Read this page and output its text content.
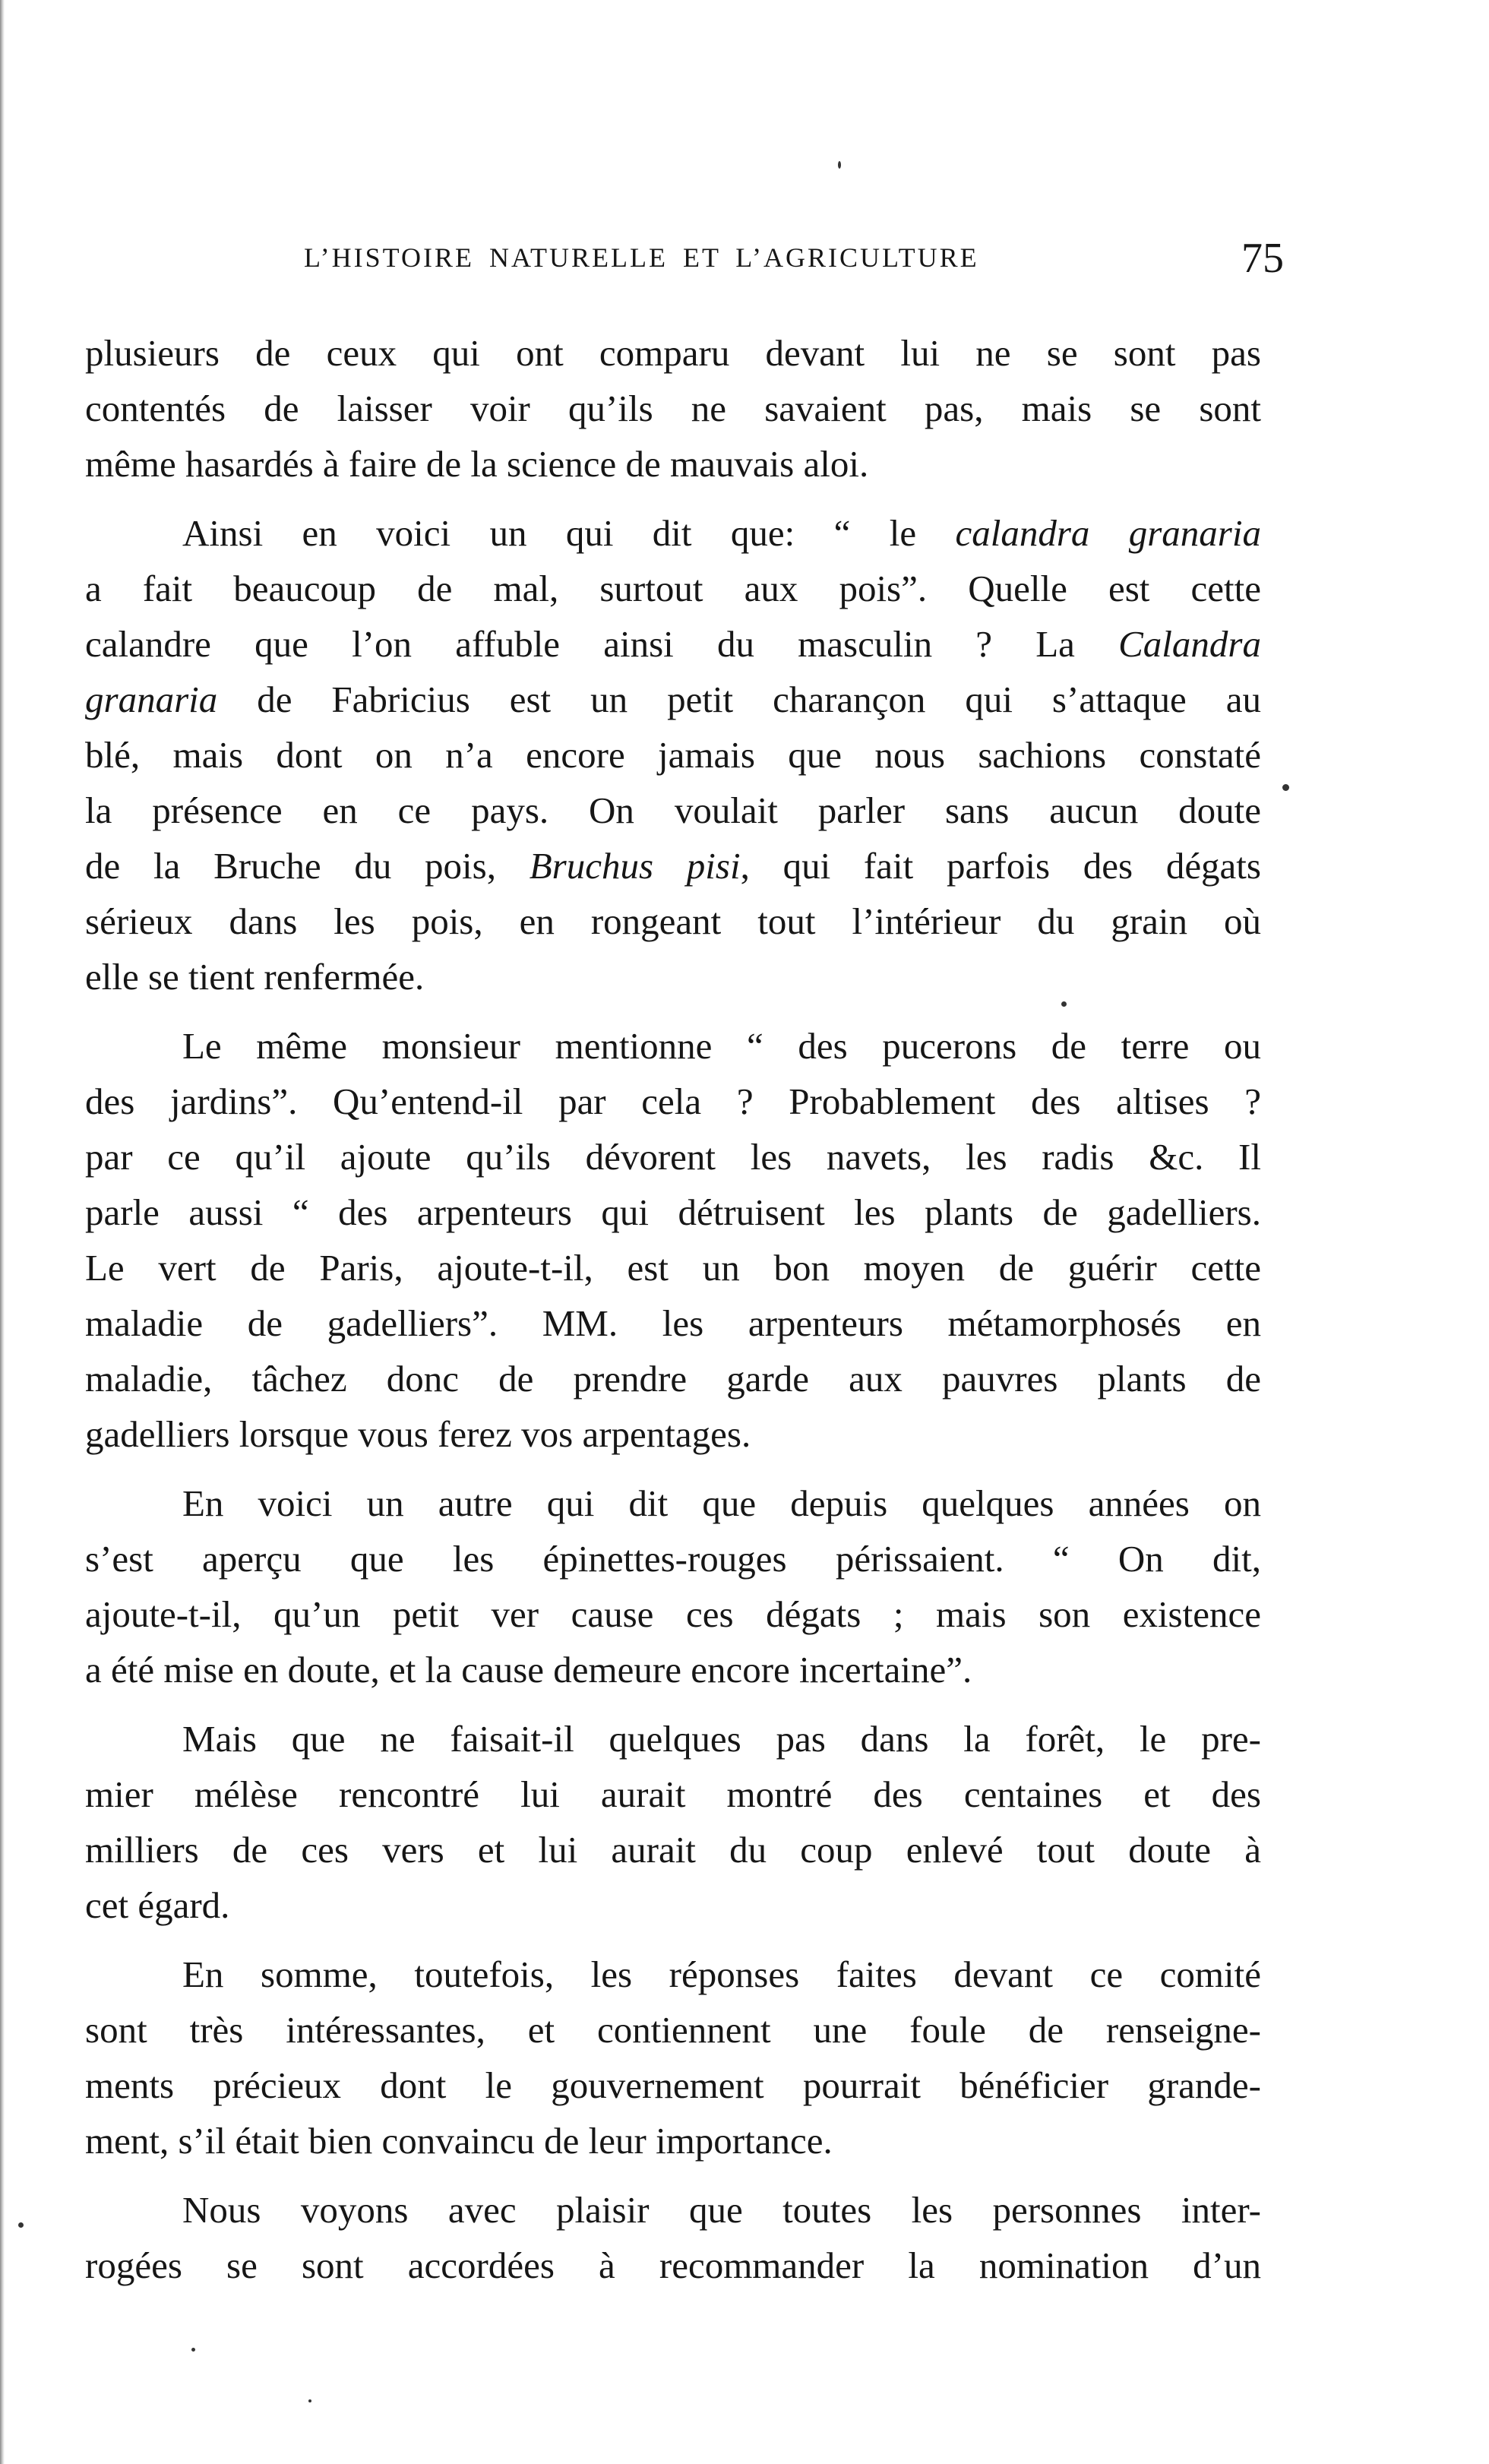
L’HISTOIRE NATURELLE ET L’AGRICULTURE	75
plusieurs de ceux qui ont comparu devant lui ne se sont pas
contentés de laisser voir qu’ils ne savaient pas, mais se sont
même hasardés à faire de la science de mauvais aloi.
Ainsi en voici un qui dit que: “ le calandra granaria
a fait beaucoup de mal, surtout aux pois”. Quelle est cette
calandre que l’on affuble ainsi du masculin ? La Calandra
granaria de Fabricius est un petit charançon qui s’attaque au
blé, mais dont on n’a encore jamais que nous sachions constaté
la présence en ce pays. On voulait parler sans aucun doute
de la Bruche du pois, Bruchus pisi, qui fait parfois des dégats
sérieux dans les pois, en rongeant tout l’intérieur du grain où
elle se tient renfermée.
Le même monsieur mentionne “ des pucerons de terre ou
des jardins”. Qu’entend-il par cela ? Probablement des altises ?
par ce qu’il ajoute qu’ils dévorent les navets, les radis &c. Il
parle aussi “ des arpenteurs qui détruisent les plants de gadelliers.
Le vert de Paris, ajoute-t-il, est un bon moyen de guérir cette
maladie de gadelliers”. MM. les arpenteurs métamorphosés en
maladie, tâchez donc de prendre garde aux pauvres plants de
gadelliers lorsque vous ferez vos arpentages.
En voici un autre qui dit que depuis quelques années on
s’est aperçu que les épinettes-rouges périssaient. “ On dit,
ajoute-t-il, qu’un petit ver cause ces dégats ; mais son existence
a été mise en doute, et la cause demeure encore incertaine”.
Mais que ne faisait-il quelques pas dans la forêt, le pre-
mier mélèse rencontré lui aurait montré des centaines et des
milliers de ces vers et lui aurait du coup enlevé tout doute à
cet égard.
En somme, toutefois, les réponses faites devant ce comité
sont très intéressantes, et contiennent une foule de renseigne-
ments précieux dont le gouvernement pourrait bénéficier grande-
ment, s’il était bien convaincu de leur importance.
Nous voyons avec plaisir que toutes les personnes inter-
rogées se sont accordées à recommander la nomination d’un
